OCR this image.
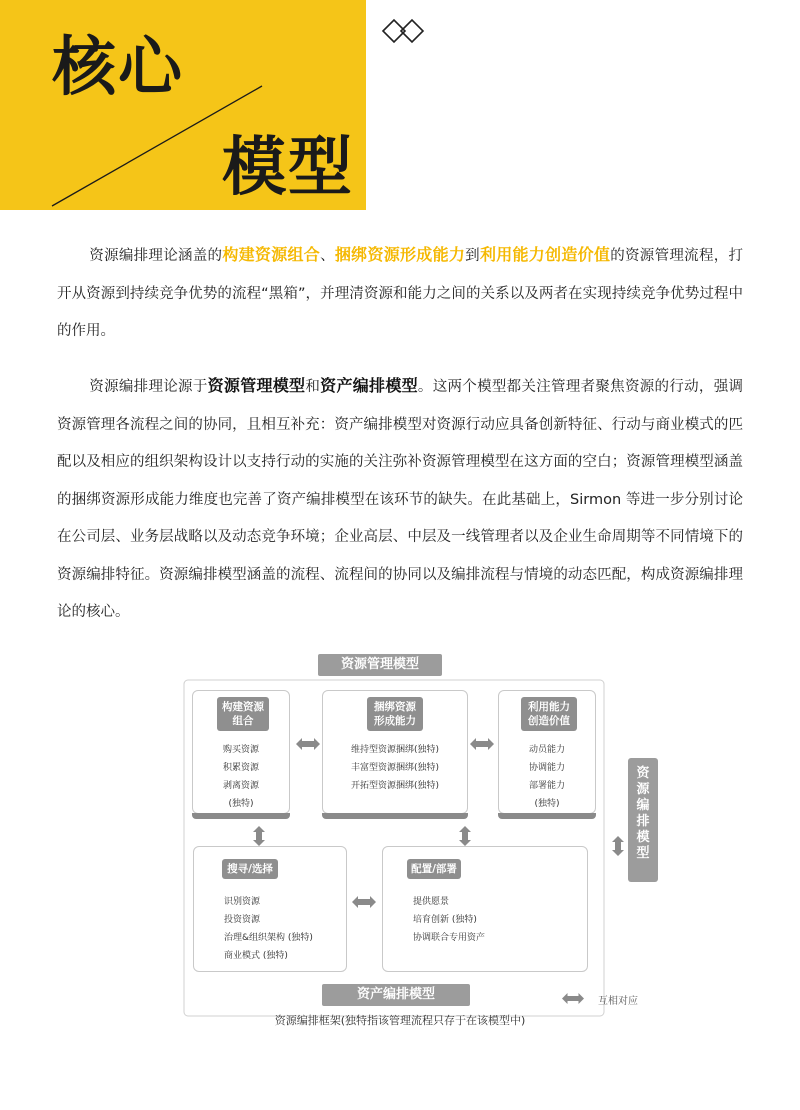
核心
模型
资源编排理论涵盖的构建资源组合、捆绑资源形成能力到利用能力创造价值的资源管理流程，打开从资源到持续竞争优势的流程“黑箱”，并理清资源和能力之间的关系以及两者在实现持续竞争优势过程中的作用。
资源编排理论源于资源管理模型和资产编排模型。这两个模型都关注管理者聚焦资源的行动，强调资源管理各流程之间的协同，且相互补充：资产编排模型对资源行动应具备创新特征、行动与商业模式的匹配以及相应的组织架构设计以支持行动的实施的关注弥补资源管理模型在这方面的空白；资源管理模型涵盖的捆绑资源形成能力维度也完善了资产编排模型在该环节的缺失。在此基础上，Sirmon 等进一步分别讨论在公司层、业务层战略以及动态竞争环境；企业高层、中层及一线管理者以及企业生命周期等不同情境下的资源编排特征。资源编排模型涵盖的流程、流程间的协同以及编排流程与情境的动态匹配，构成资源编排理论的核心。
资源管理模型
构建资源组合
购买资源
积累资源
剥离资源
(独特)
捆绑资源形成能力
维持型资源捆绑(独特)
丰富型资源捆绑(独特)
开拓型资源捆绑(独特)
利用能力创造价值
动员能力
协调能力
部署能力
(独特)
搜寻/选择
识别资源
投资资源
治理&组织架构 (独特)
商业模式 (独特)
配置/部署
提供愿景
培育创新 (独特)
协调联合专用资产
资源编排模型
资产编排模型	互相对应
资源编排框架(独特指该管理流程只存于在该模型中)
